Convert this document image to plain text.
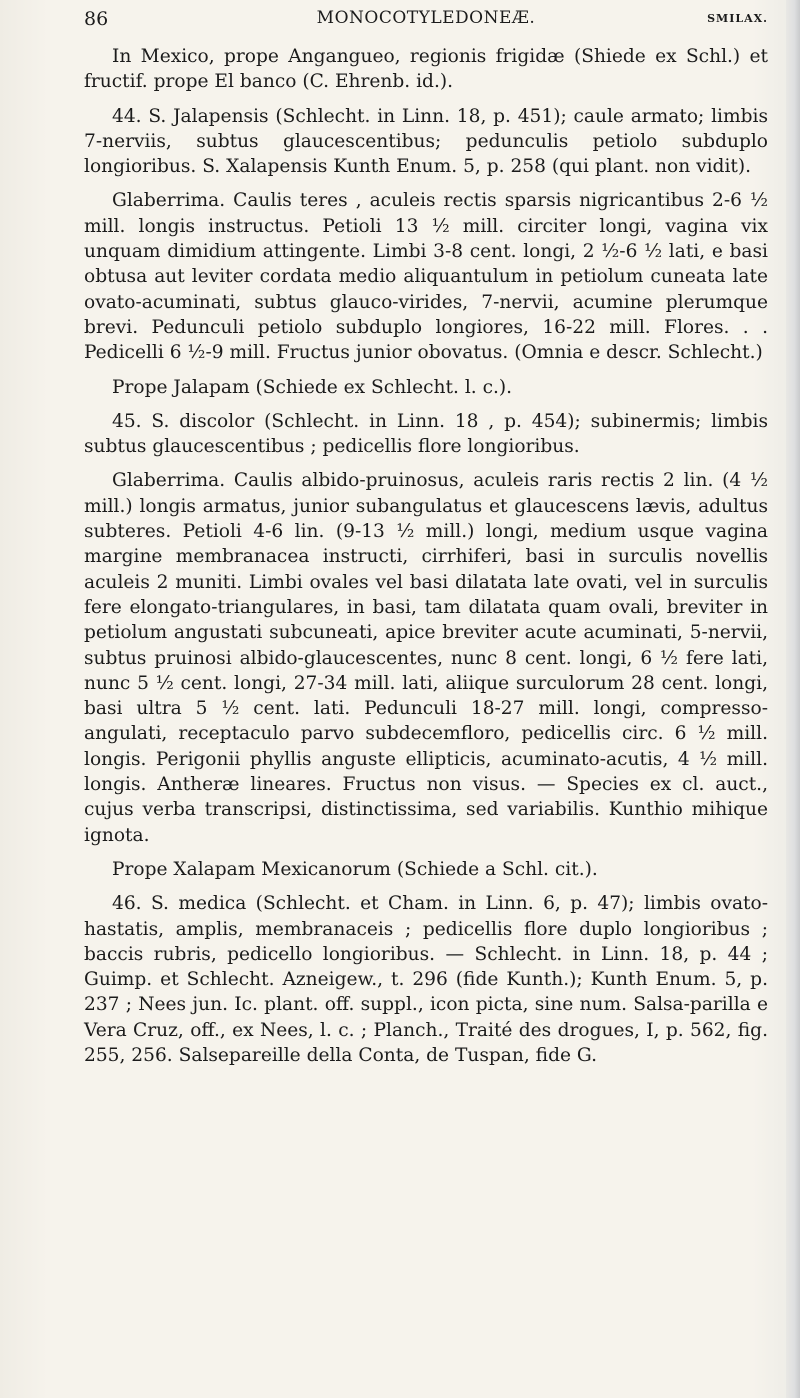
86	MONOCOTYLEDONEÆ.	SMILAX.

In Mexico, prope Angangueo, regionis frigidæ (Shiede ex Schl.) et fructif. prope El banco (C. Ehrenb. id.).

44. S. Jalapensis (Schlecht. in Linn. 18, p. 451); caule armato; limbis 7-nerviis, subtus glaucescentibus; pedunculis petiolo subduplo longioribus. S. Xalapensis Kunth Enum. 5, p. 258 (qui plant. non vidit).

Glaberrima. Caulis teres , aculeis rectis sparsis nigricantibus 2-6 ½ mill. longis instructus. Petioli 13 ½ mill. circiter longi, vagina vix unquam dimidium attingente. Limbi 3-8 cent. longi, 2 ½-6 ½ lati, e basi obtusa aut leviter cordata medio aliquantulum in petiolum cuneata late ovato-acuminati, subtus glauco-virides, 7-nervii, acumine plerumque brevi. Pedunculi petiolo subduplo longiores, 16-22 mill. Flores. . . Pedicelli 6 ½-9 mill. Fructus junior obovatus. (Omnia e descr. Schlecht.)

Prope Jalapam (Schiede ex Schlecht. l. c.).

45. S. discolor (Schlecht. in Linn. 18 , p. 454); subinermis; limbis subtus glaucescentibus ; pedicellis flore longioribus.

Glaberrima. Caulis albido-pruinosus, aculeis raris rectis 2 lin. (4 ½ mill.) longis armatus, junior subangulatus et glaucescens lævis, adultus subteres. Petioli 4-6 lin. (9-13 ½ mill.) longi, medium usque vagina margine membranacea instructi, cirrhiferi, basi in surculis novellis aculeis 2 muniti. Limbi ovales vel basi dilatata late ovati, vel in surculis fere elongato-triangulares, in basi, tam dilatata quam ovali, breviter in petiolum angustati subcuneati, apice breviter acute acuminati, 5-nervii, subtus pruinosi albido-glaucescentes, nunc 8 cent. longi, 6 ½ fere lati, nunc 5 ½ cent. longi, 27-34 mill. lati, aliique surculorum 28 cent. longi, basi ultra 5 ½ cent. lati. Pedunculi 18-27 mill. longi, compresso-angulati, receptaculo parvo subdecemfloro, pedicellis circ. 6 ½ mill. longis. Perigonii phyllis anguste ellipticis, acuminato-acutis, 4 ½ mill. longis. Antheræ lineares. Fructus non visus. — Species ex cl. auct., cujus verba transcripsi, distinctissima, sed variabilis. Kunthio mihique ignota.

Prope Xalapam Mexicanorum (Schiede a Schl. cit.).

46. S. medica (Schlecht. et Cham. in Linn. 6, p. 47); limbis ovato-hastatis, amplis, membranaceis ; pedicellis flore duplo longioribus ; baccis rubris, pedicello longioribus. — Schlecht. in Linn. 18, p. 44 ; Guimp. et Schlecht. Azneigew., t. 296 (fide Kunth.); Kunth Enum. 5, p. 237 ; Nees jun. Ic. plant. off. suppl., icon picta, sine num. Salsa-parilla e Vera Cruz, off., ex Nees, l. c. ; Planch., Traité des drogues, I, p. 562, fig. 255, 256. Salsepareille della Conta, de Tuspan, fide G.
